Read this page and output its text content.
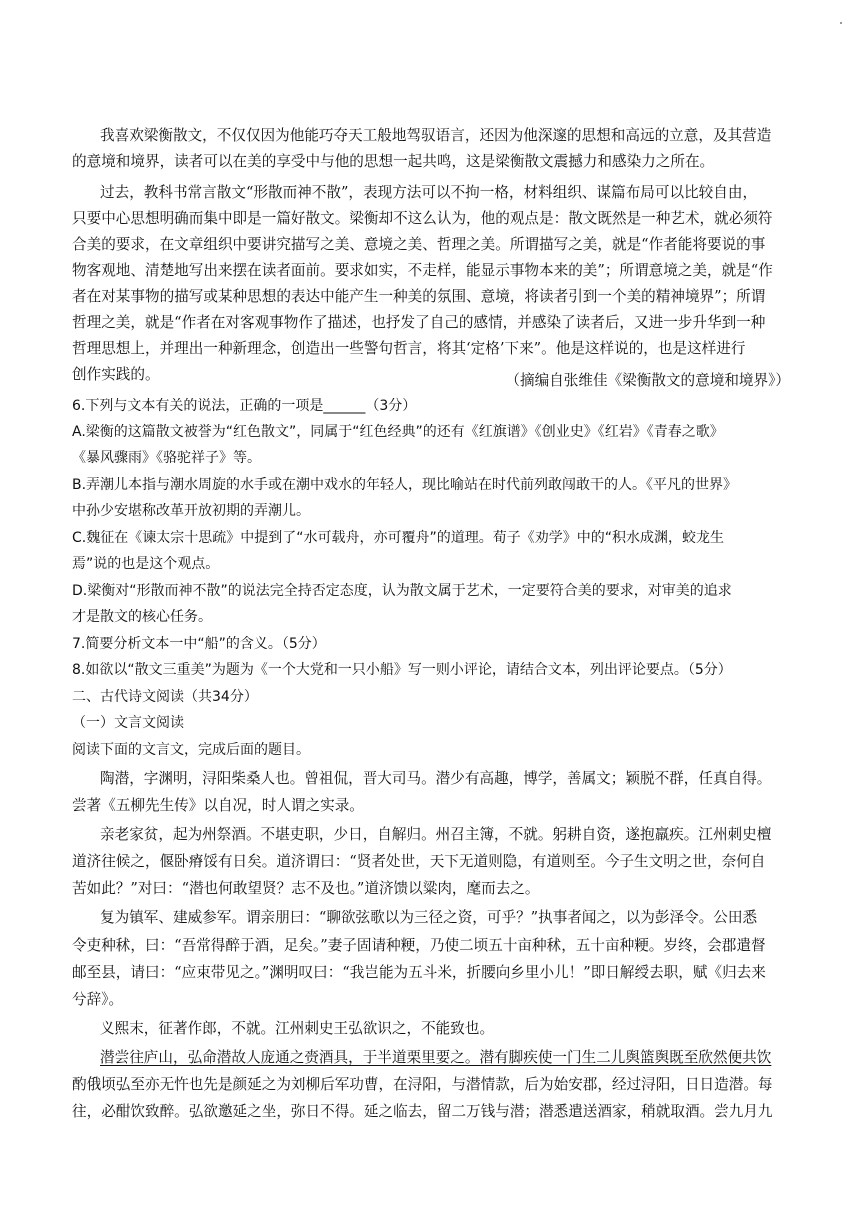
我喜欢梁衡散文，不仅仅因为他能巧夺天工般地驾驭语言，还因为他深邃的思想和高远的立意，及其营造
的意境和境界，读者可以在美的享受中与他的思想一起共鸣，这是梁衡散文震撼力和感染力之所在。
过去，教科书常言散文“形散而神不散”，表现方法可以不拘一格，材料组织、谋篇布局可以比较自由，
只要中心思想明确而集中即是一篇好散文。梁衡却不这么认为，他的观点是：散文既然是一种艺术，就必须符
合美的要求，在文章组织中要讲究描写之美、意境之美、哲理之美。所谓描写之美，就是“作者能将要说的事
物客观地、清楚地写出来摆在读者面前。要求如实，不走样，能显示事物本来的美”；所谓意境之美，就是“作
者在对某事物的描写或某种思想的表达中能产生一种美的氛围、意境，将读者引到一个美的精神境界”；所谓
哲理之美，就是“作者在对客观事物作了描述，也抒发了自己的感情，并感染了读者后，又进一步升华到一种
哲理思想上，并理出一种新理念，创造出一些警句哲言，将其‘定格’下来”。他是这样说的，也是这样进行
创作实践的。	（摘编自张维佳《梁衡散文的意境和境界》）
6.下列与文本有关的说法，正确的一项是______（3分）
A.梁衡的这篇散文被誉为“红色散文”，同属于“红色经典”的还有《红旗谱》《创业史》《红岩》《青春之歌》
《暴风骤雨》《骆驼祥子》等。
B.弄潮儿本指与潮水周旋的水手或在潮中戏水的年轻人，现比喻站在时代前列敢闯敢干的人。《平凡的世界》
中孙少安堪称改革开放初期的弄潮儿。
C.魏征在《谏太宗十思疏》中提到了“水可载舟，亦可覆舟”的道理。荀子《劝学》中的“积水成渊，蛟龙生
焉”说的也是这个观点。
D.梁衡对“形散而神不散”的说法完全持否定态度，认为散文属于艺术，一定要符合美的要求，对审美的追求
才是散文的核心任务。
7.简要分析文本一中“船”的含义。（5分）
8.如欲以“散文三重美”为题为《一个大党和一只小船》写一则小评论，请结合文本，列出评论要点。（5分）
二、古代诗文阅读（共34分）
（一）文言文阅读
阅读下面的文言文，完成后面的题目。
陶潜，字渊明，浔阳柴桑人也。曾祖侃，晋大司马。潜少有高趣，博学，善属文；颖脱不群，任真自得。
尝著《五柳先生传》以自况，时人谓之实录。
亲老家贫，起为州祭酒。不堪吏职，少日，自解归。州召主簿，不就。躬耕自资，遂抱羸疾。江州刺史檀
道济往候之，偃卧瘠馁有日矣。道济谓曰：“贤者处世，天下无道则隐，有道则至。今子生文明之世，奈何自
苦如此？”对曰：“潜也何敢望贤？志不及也。”道济馈以粱肉，麾而去之。
复为镇军、建威参军。谓亲朋曰：“聊欲弦歌以为三径之资，可乎？”执事者闻之，以为彭泽令。公田悉
令吏种秫，曰：“吾常得醉于酒，足矣。”妻子固请种粳，乃使二顷五十亩种秫，五十亩种粳。岁终，会郡遣督
邮至县，请曰：“应束带见之。”渊明叹曰：“我岂能为五斗米，折腰向乡里小儿！”即日解绶去职，赋《归去来
兮辞》。
义熙末，征著作郎，不就。江州刺史王弘欲识之，不能致也。
潜尝往庐山，弘命潜故人庞通之赍酒具，于半道栗里要之。潜有脚疾使一门生二儿舆篮舆既至欣然便共饮
酌俄顷弘至亦无忤也先是颜延之为刘柳后军功曹，在浔阳，与潜情款，后为始安郡，经过浔阳，日日造潜。每
往，必酣饮致醉。弘欲邀延之坐，弥日不得。延之临去，留二万钱与潜；潜悉遣送酒家，稍就取酒。尝九月九
